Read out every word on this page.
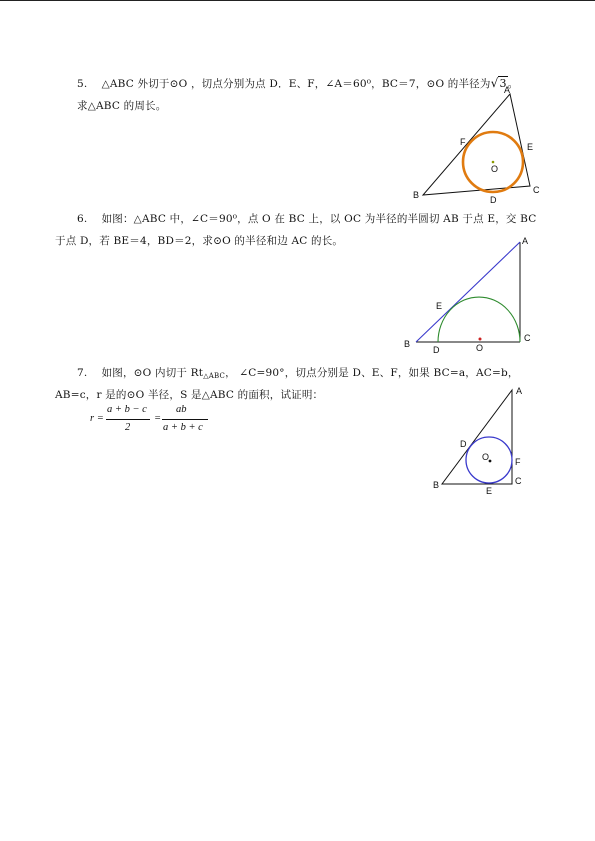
5. △ABC 外切于⊙O ，切点分别为点 D．E、F，∠A＝60⁰，BC＝7，⊙O 的半径为√3。
求△ABC 的周长。
A
B	C
D
E
F
O
6. 如图：△ABC 中，∠C＝90⁰，点 O 在 BC 上，以 OC 为半径的半圆切 AB 于点 E，交 BC
于点 D，若 BE＝4，BD＝2，求⊙O 的半径和边 AC 的长。	A
B
C
D
E
O
7. 如图，⊙O 内切于 $Rt_{\triangle ABC}$， ∠C=90°，切点分别是 D、E、F，如果 BC=a，AC=b，
AB=c，r 是的⊙O 半径，S 是△ABC 的面积，试证明：
r =
a + b − c
2
=
ab
a + b + c
A
B	C
D
E
F
O
